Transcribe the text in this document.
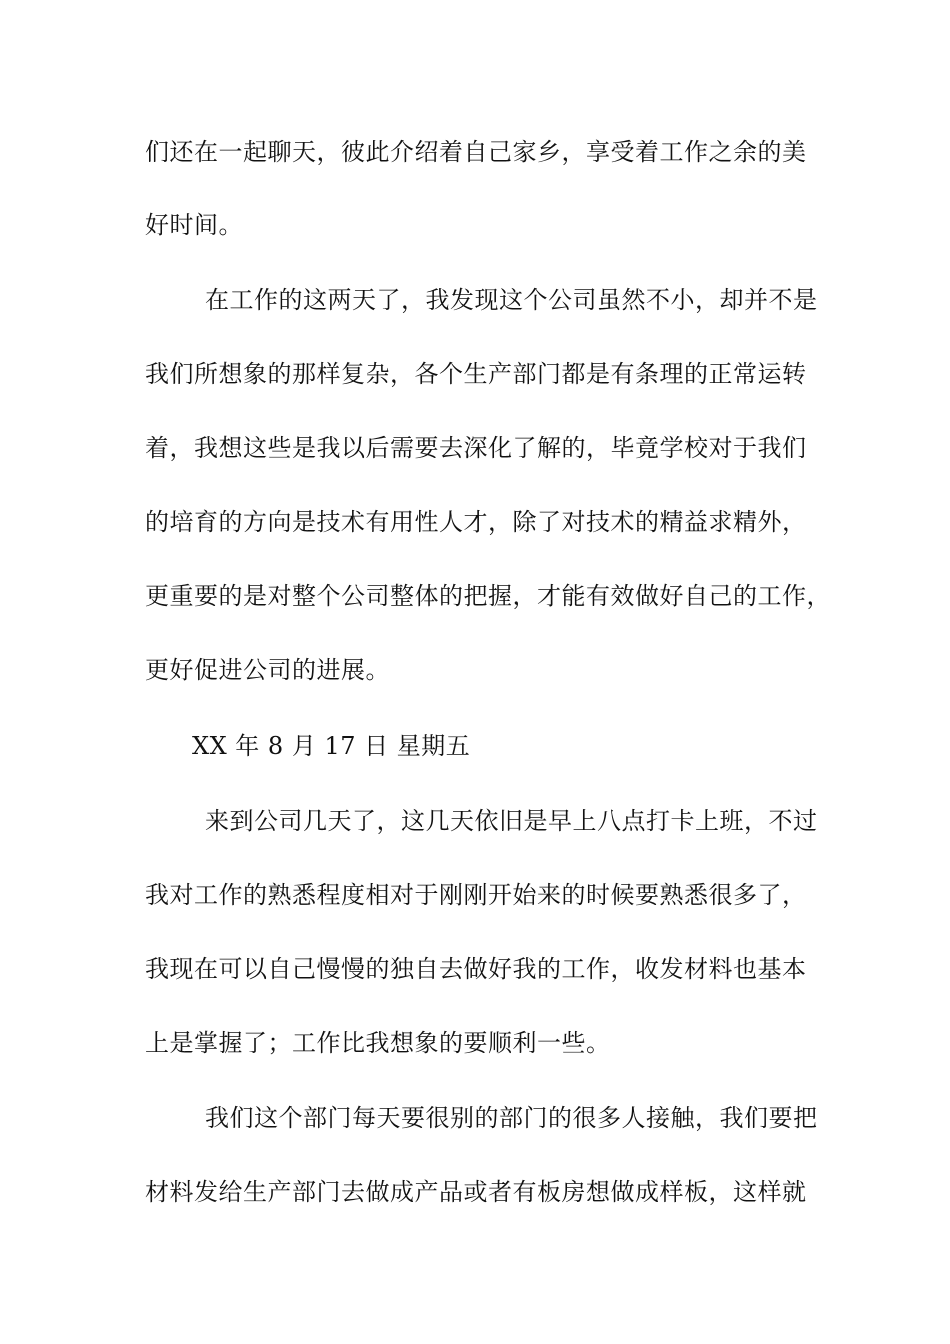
们还在一起聊天，彼此介绍着自己家乡，享受着工作之余的美
好时间。
在工作的这两天了，我发现这个公司虽然不小，却并不是
我们所想象的那样复杂，各个生产部门都是有条理的正常运转
着，我想这些是我以后需要去深化了解的，毕竟学校对于我们
的培育的方向是技术有用性人才，除了对技术的精益求精外，
更重要的是对整个公司整体的把握，才能有效做好自己的工作，
更好促进公司的进展。
XX 年 8 月 17 日 星期五
来到公司几天了，这几天依旧是早上八点打卡上班，不过
我对工作的熟悉程度相对于刚刚开始来的时候要熟悉很多了，
我现在可以自己慢慢的独自去做好我的工作，收发材料也基本
上是掌握了；工作比我想象的要顺利一些。
我们这个部门每天要很别的部门的很多人接触，我们要把
材料发给生产部门去做成产品或者有板房想做成样板，这样就
